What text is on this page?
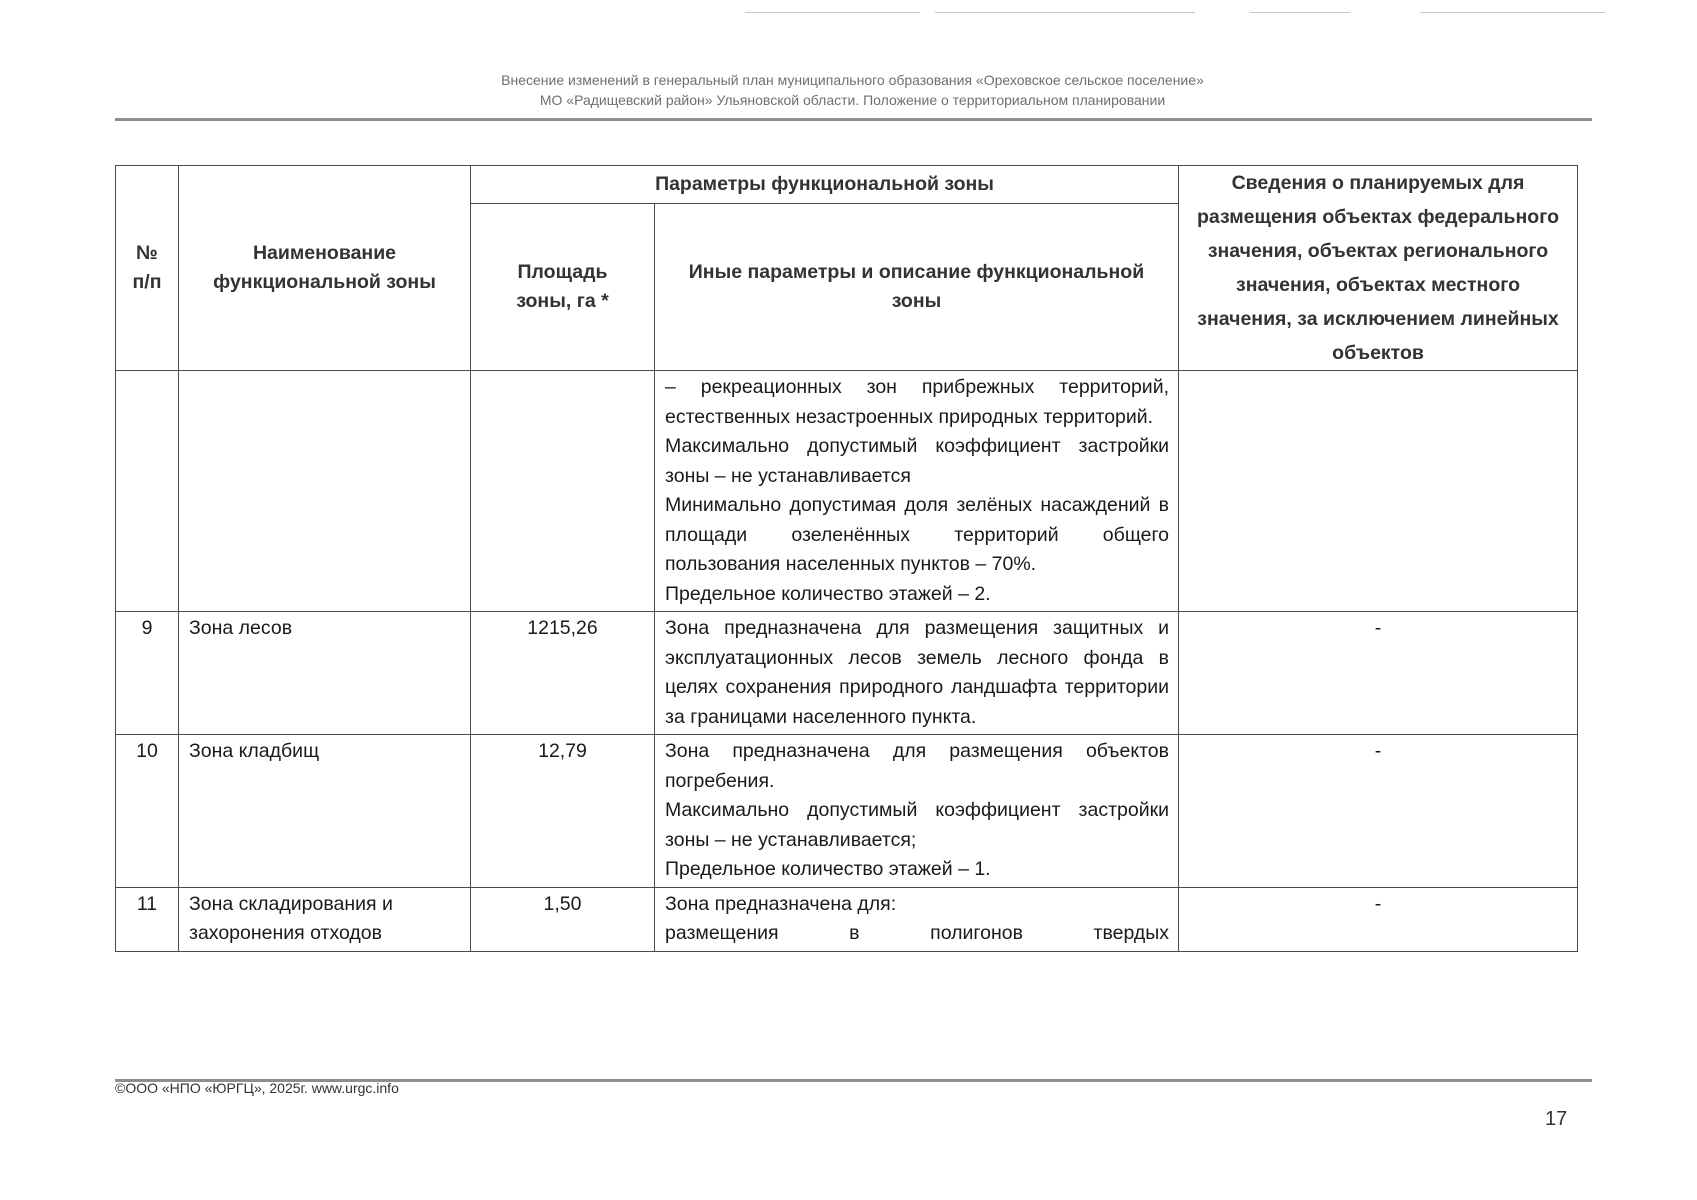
Внесение изменений в генеральный план муниципального образования «Ореховское сельское поселение»
МО «Радищевский район» Ульяновской области. Положение о территориальном планировании
№ п/п	Наименование функциональной зоны	Параметры функциональной зоны		Сведения о планируемых для размещения объектах федерального значения, объектах регионального значения, объектах местного значения, за исключением линейных объектов
		Площадь зоны, га *	Иные параметры и описание функциональной зоны	

			– рекреационных зон прибрежных территорий, естественных незастроенных природных территорий.
Максимально допустимый коэффициент застройки зоны – не устанавливается
Минимально допустимая доля зелёных насаждений в площади озеленённых территорий общего пользования населенных пунктов – 70%.
Предельное количество этажей – 2.	

9	Зона лесов	1215,26	Зона предназначена для размещения защитных и эксплуатационных лесов земель лесного фонда в целях сохранения природного ландшафта территории за границами населенного пункта.	-
10	Зона кладбищ	12,79	Зона предназначена для размещения объектов погребения.
Максимально допустимый коэффициент застройки зоны – не устанавливается;
Предельное количество этажей – 1.	-
11	Зона складирования и захоронения отходов	1,50	Зона предназначена для:
размещения в полигонов твердых	-
©ООО «НПО «ЮРГЦ», 2025г. www.urgc.info
17
